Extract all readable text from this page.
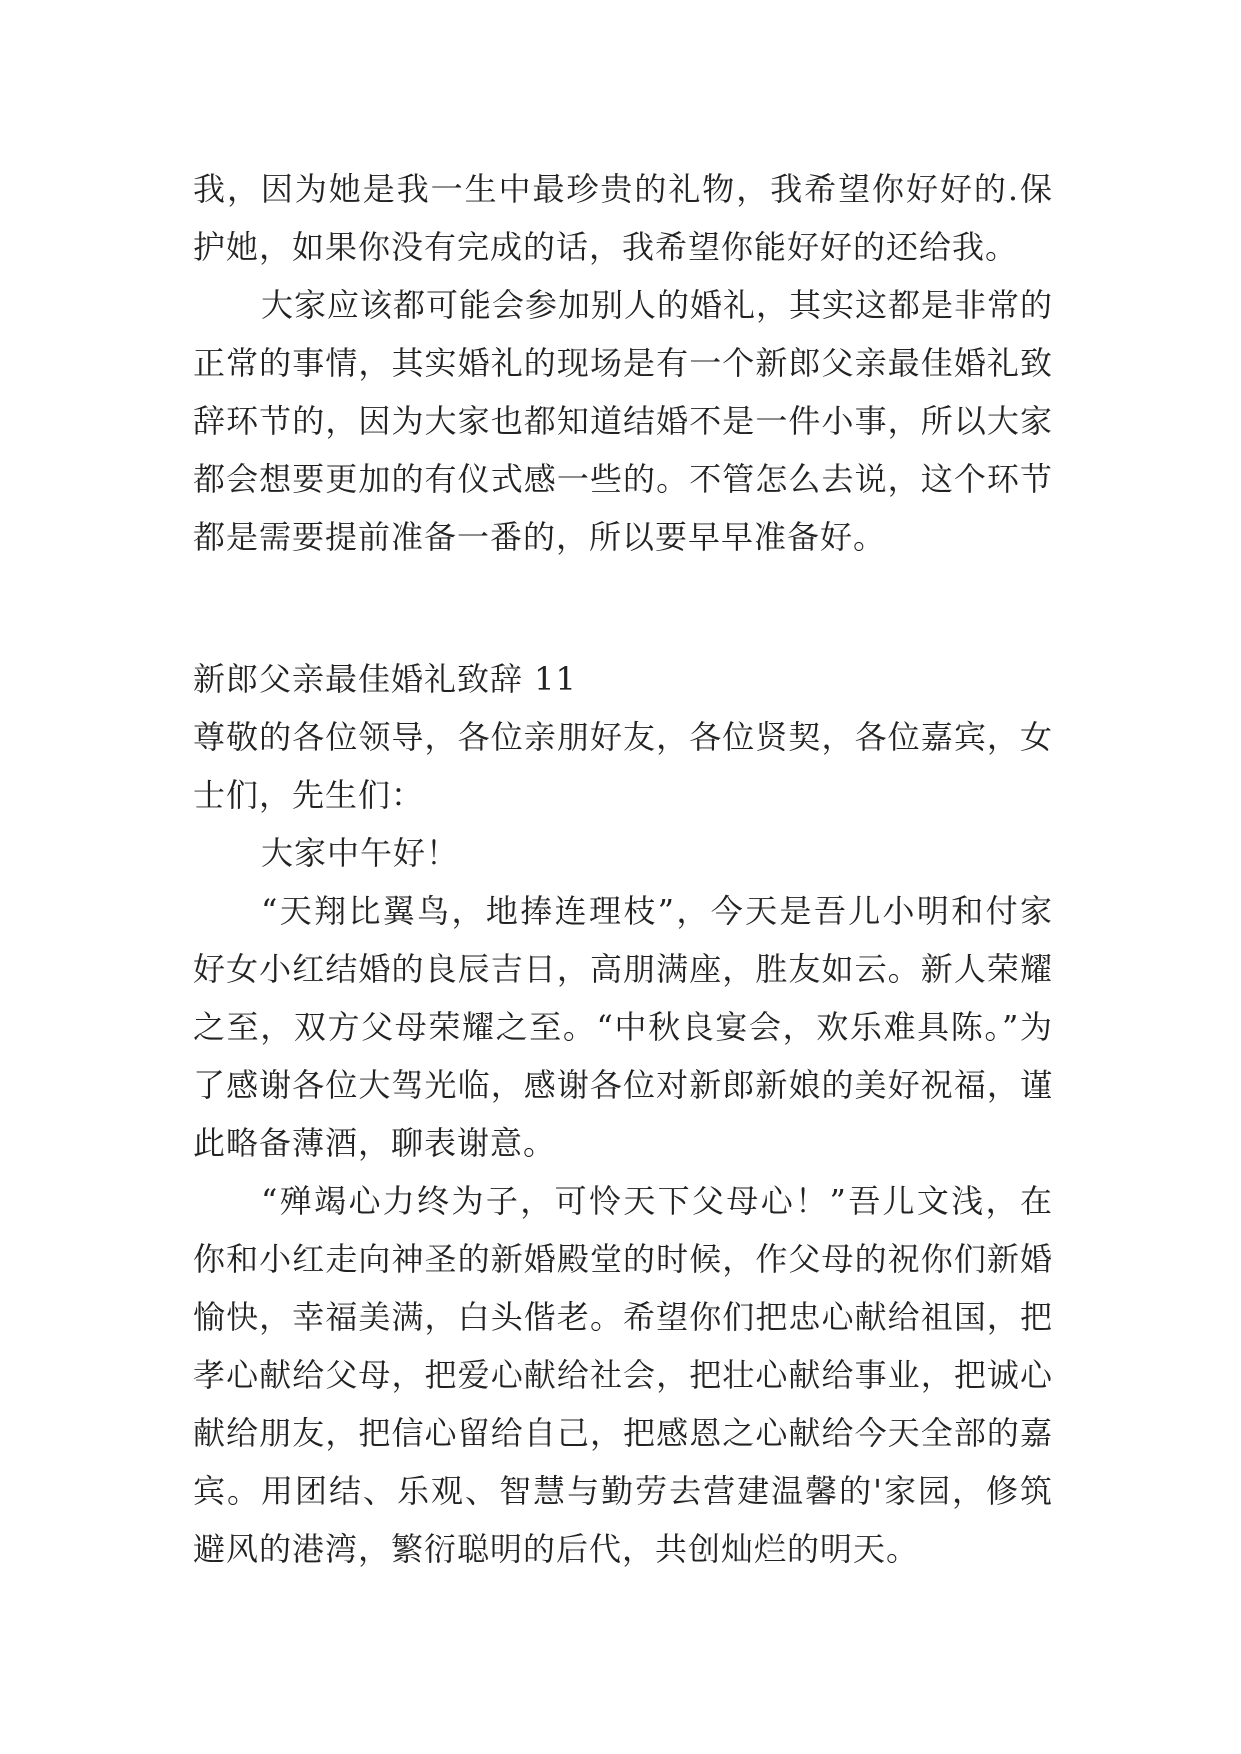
我，因为她是我一生中最珍贵的礼物，我希望你好好的.保
护她，如果你没有完成的话，我希望你能好好的还给我。
大家应该都可能会参加别人的婚礼，其实这都是非常的
正常的事情，其实婚礼的现场是有一个新郎父亲最佳婚礼致
辞环节的，因为大家也都知道结婚不是一件小事，所以大家
都会想要更加的有仪式感一些的。不管怎么去说，这个环节
都是需要提前准备一番的，所以要早早准备好。
新郎父亲最佳婚礼致辞 11
尊敬的各位领导，各位亲朋好友，各位贤契，各位嘉宾，女
士们，先生们：
大家中午好！
“天翔比翼鸟，地捧连理枝”，今天是吾儿小明和付家
好女小红结婚的良辰吉日，高朋满座，胜友如云。新人荣耀
之至，双方父母荣耀之至。“中秋良宴会，欢乐难具陈。”为
了感谢各位大驾光临，感谢各位对新郎新娘的美好祝福，谨
此略备薄酒，聊表谢意。
“殚竭心力终为子，可怜天下父母心！”吾儿文浅，在
你和小红走向神圣的新婚殿堂的时候，作父母的祝你们新婚
愉快，幸福美满，白头偕老。希望你们把忠心献给祖国，把
孝心献给父母，把爱心献给社会，把壮心献给事业，把诚心
献给朋友，把信心留给自己，把感恩之心献给今天全部的嘉
宾。用团结、乐观、智慧与勤劳去营建温馨的'家园，修筑
避风的港湾，繁衍聪明的后代，共创灿烂的明天。
